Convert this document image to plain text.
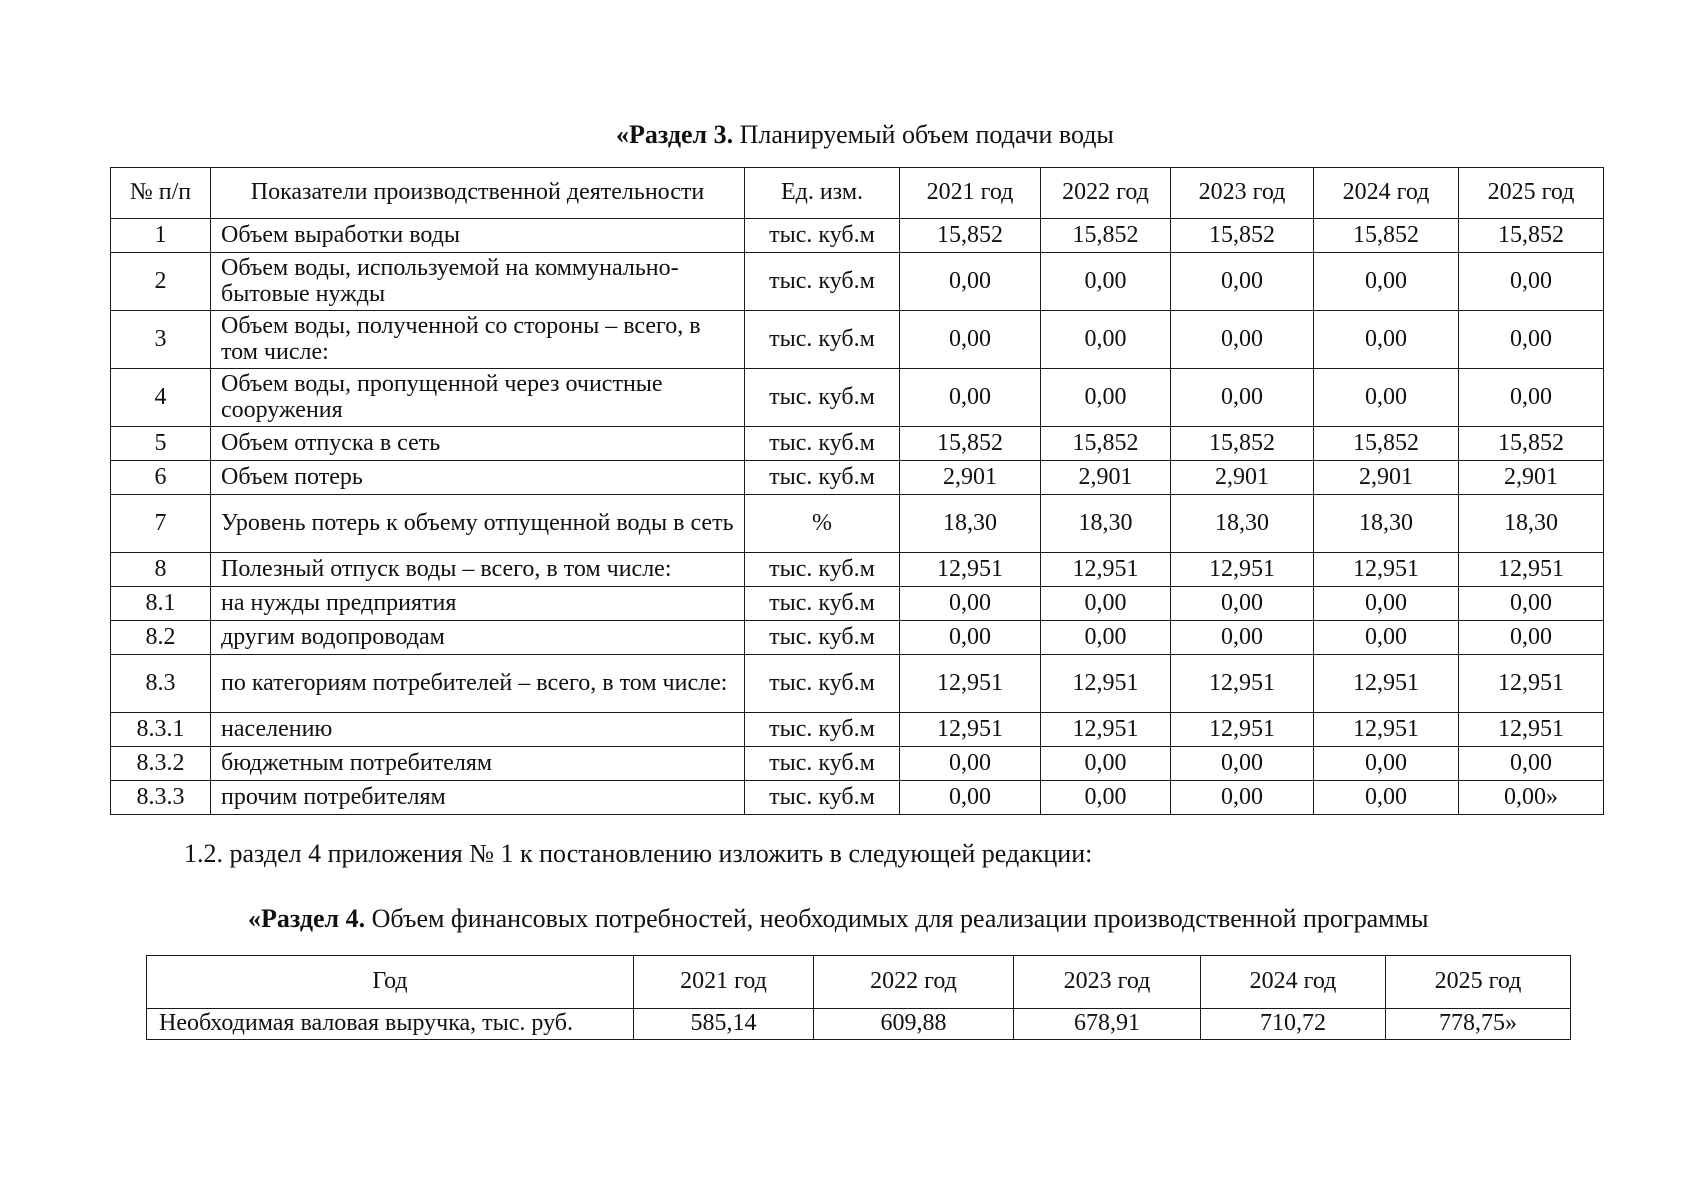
«Раздел 3. Планируемый объем подачи воды
№ п/п	Показатели производственной деятельности	Ед. изм.	2021 год	2022 год	2023 год	2024 год	2025 год
1	Объем выработки воды	тыс. куб.м	15,852	15,852	15,852	15,852	15,852
2	Объем воды, используемой на коммунально-бытовые нужды	тыс. куб.м	0,00	0,00	0,00	0,00	0,00
3	Объем воды, полученной со стороны – всего, в том числе:	тыс. куб.м	0,00	0,00	0,00	0,00	0,00
4	Объем воды, пропущенной через очистные сооружения	тыс. куб.м	0,00	0,00	0,00	0,00	0,00
5	Объем отпуска в сеть	тыс. куб.м	15,852	15,852	15,852	15,852	15,852
6	Объем потерь	тыс. куб.м	2,901	2,901	2,901	2,901	2,901
7	Уровень потерь к объему отпущенной воды в сеть	%	18,30	18,30	18,30	18,30	18,30
8	Полезный отпуск воды – всего, в том числе:	тыс. куб.м	12,951	12,951	12,951	12,951	12,951
8.1	на нужды предприятия	тыс. куб.м	0,00	0,00	0,00	0,00	0,00
8.2	другим водопроводам	тыс. куб.м	0,00	0,00	0,00	0,00	0,00
8.3	по категориям потребителей – всего, в том числе:	тыс. куб.м	12,951	12,951	12,951	12,951	12,951
8.3.1	населению	тыс. куб.м	12,951	12,951	12,951	12,951	12,951
8.3.2	бюджетным потребителям	тыс. куб.м	0,00	0,00	0,00	0,00	0,00
8.3.3	прочим потребителям	тыс. куб.м	0,00	0,00	0,00	0,00	0,00»
1.2. раздел 4 приложения № 1 к постановлению изложить в следующей редакции:
«Раздел 4. Объем финансовых потребностей, необходимых для реализации производственной программы
Год	2021 год	2022 год	2023 год	2024 год	2025 год
Необходимая валовая выручка, тыс. руб.	585,14	609,88	678,91	710,72	778,75»
